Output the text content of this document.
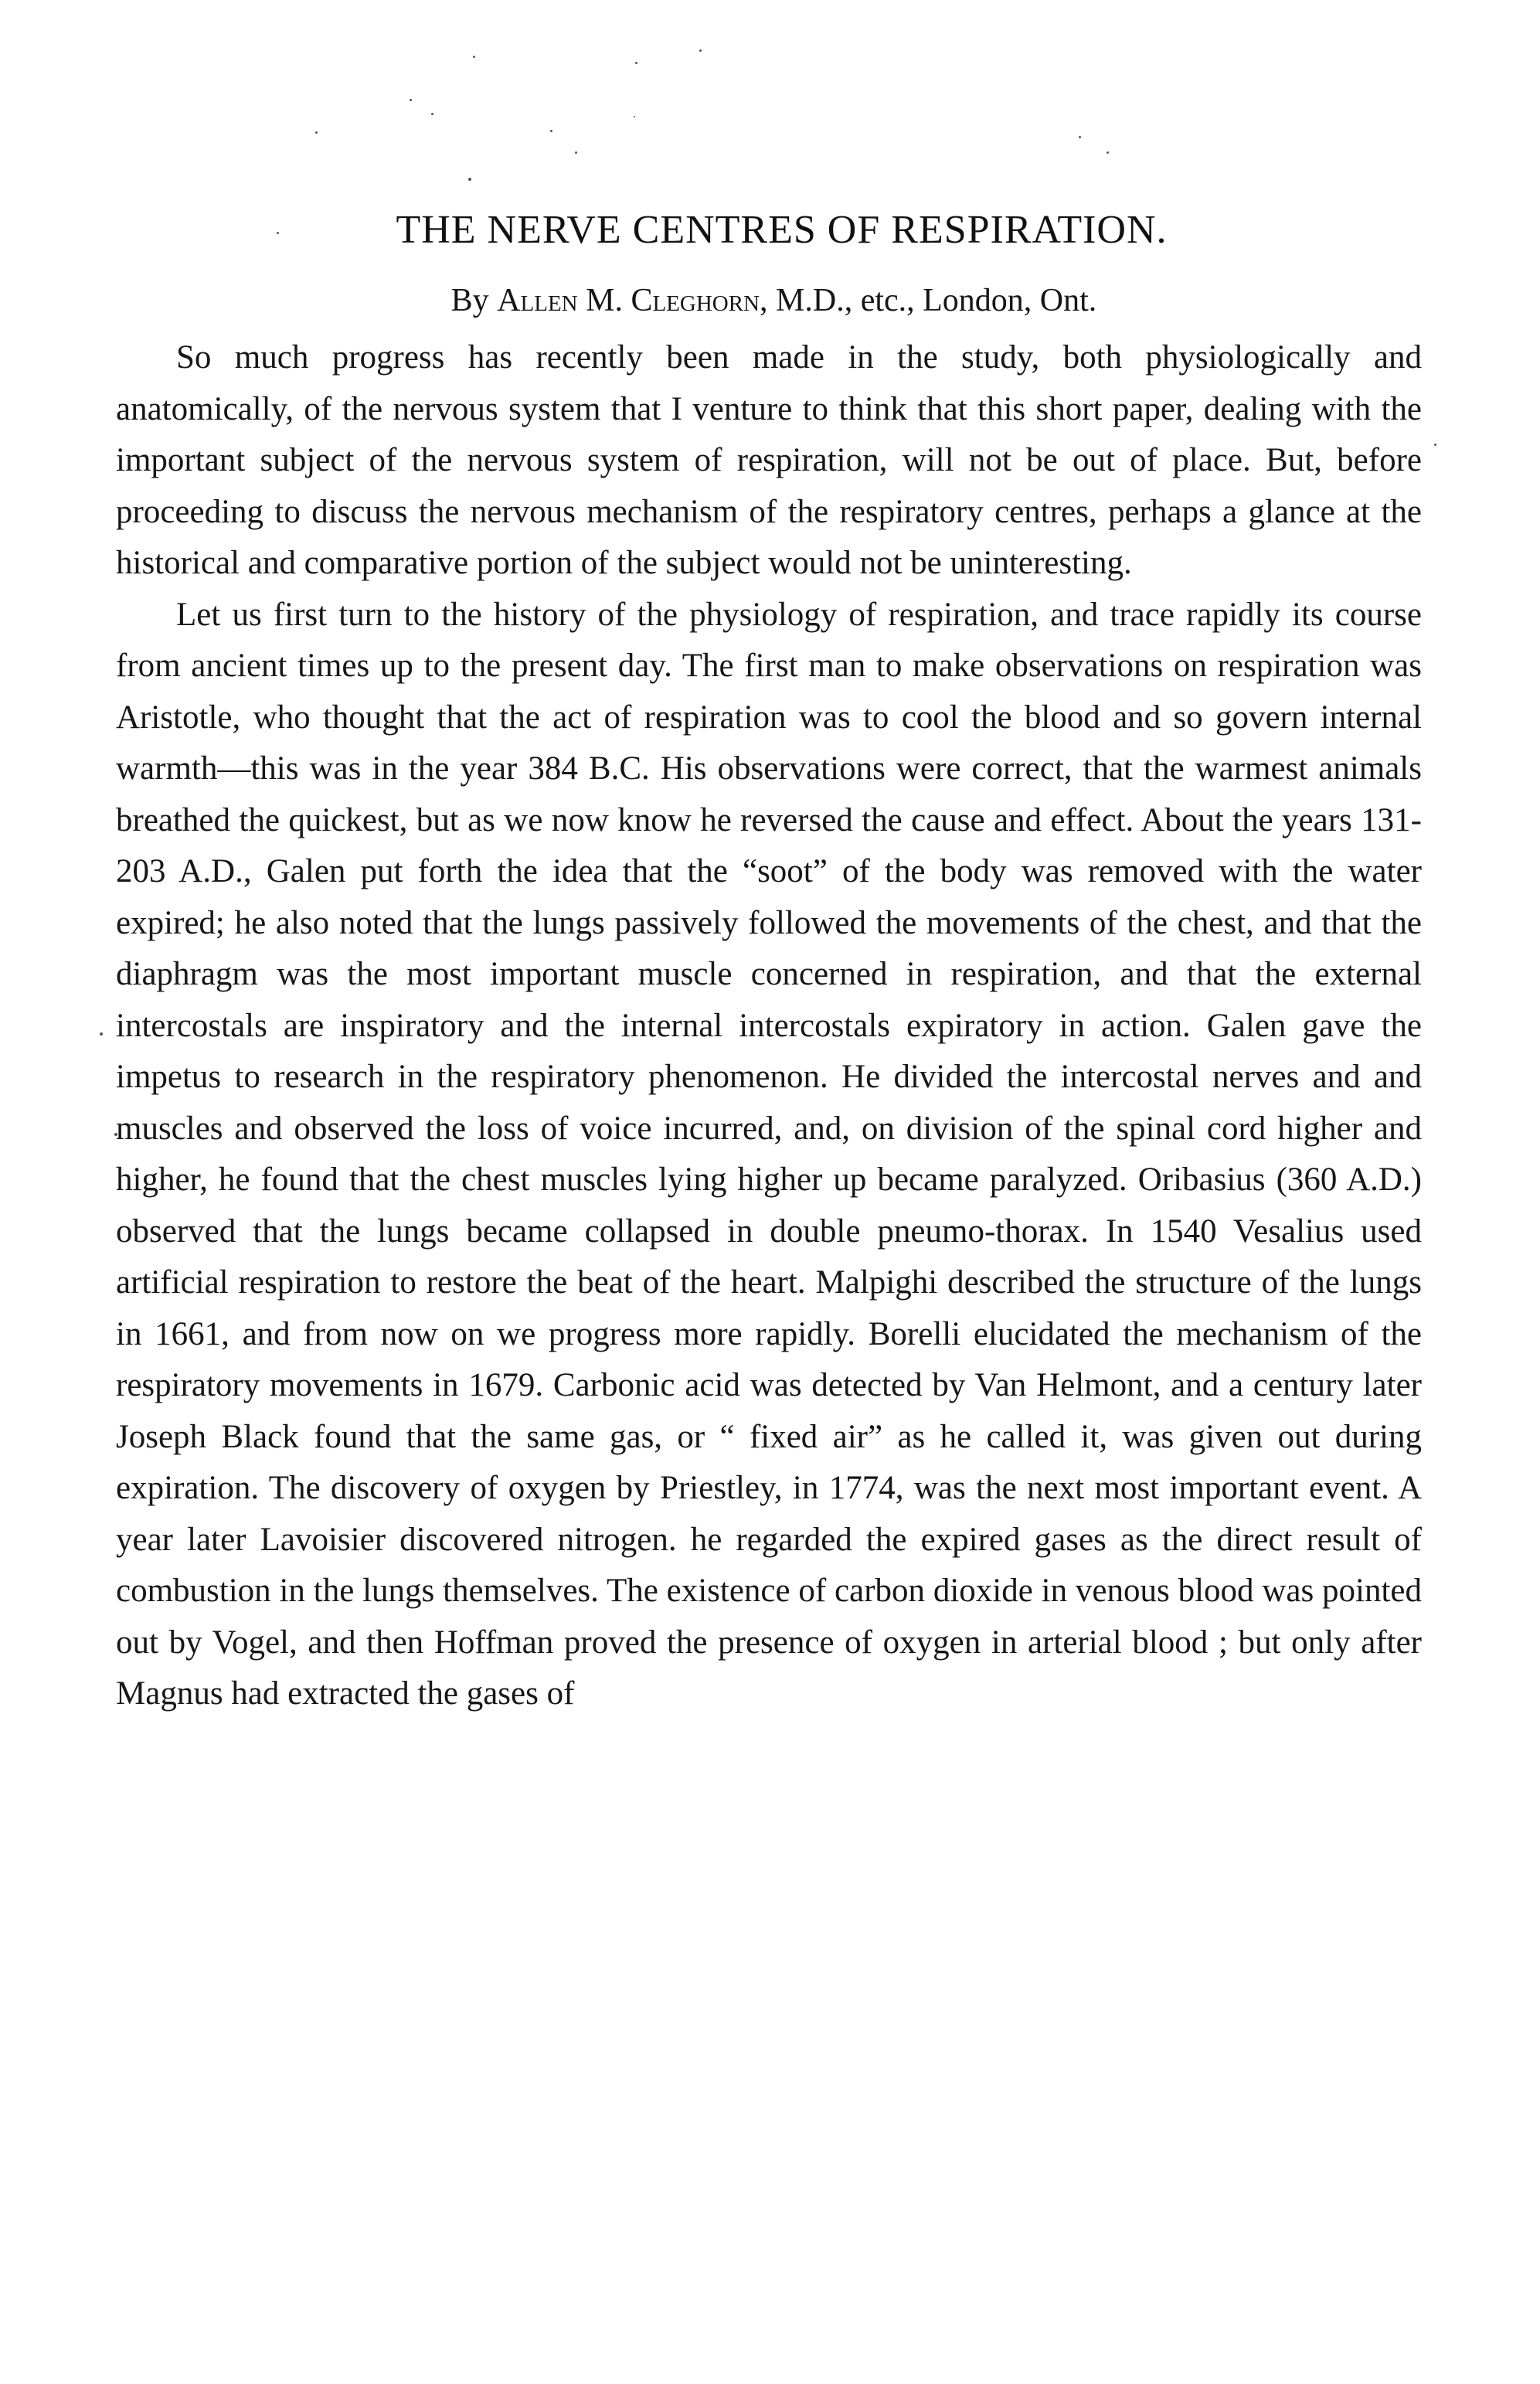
THE NERVE CENTRES OF RESPIRATION.
By Allen M. Cleghorn, M.D., etc., London, Ont.

So much progress has recently been made in the study, both physiologically and anatomically, of the nervous system that I venture to think that this short paper, dealing with the important subject of the nervous system of respiration, will not be out of place. But, before proceeding to discuss the nervous mechanism of the respiratory centres, perhaps a glance at the historical and comparative portion of the subject would not be uninteresting.

Let us first turn to the history of the physiology of respiration, and trace rapidly its course from ancient times up to the present day. The first man to make observations on respiration was Aristotle, who thought that the act of respiration was to cool the blood and so govern internal warmth—this was in the year 384 B.C. His observations were correct, that the warmest animals breathed the quickest, but as we now know he reversed the cause and effect. About the years 131-203 A.D., Galen put forth the idea that the “soot” of the body was removed with the water expired; he also noted that the lungs passively followed the movements of the chest, and that the diaphragm was the most important muscle concerned in respiration, and that the external intercostals are inspiratory and the internal intercostals expiratory in action. Galen gave the impetus to research in the respiratory phenomenon. He divided the intercostal nerves and and muscles and observed the loss of voice incurred, and, on division of the spinal cord higher and higher, he found that the chest muscles lying higher up became paralyzed. Oribasius (360 A.D.) observed that the lungs became collapsed in double pneumo-thorax. In 1540 Vesalius used artificial respiration to restore the beat of the heart. Malpighi described the structure of the lungs in 1661, and from now on we progress more rapidly. Borelli elucidated the mechanism of the respiratory movements in 1679. Carbonic acid was detected by Van Helmont, and a century later Joseph Black found that the same gas, or “ fixed air” as he called it, was given out during expiration. The discovery of oxygen by Priestley, in 1774, was the next most important event. A year later Lavoisier discovered nitrogen. he regarded the expired gases as the direct result of combustion in the lungs themselves. The existence of carbon dioxide in venous blood was pointed out by Vogel, and then Hoffman proved the presence of oxygen in arterial blood ; but only after Magnus had extracted the gases of
